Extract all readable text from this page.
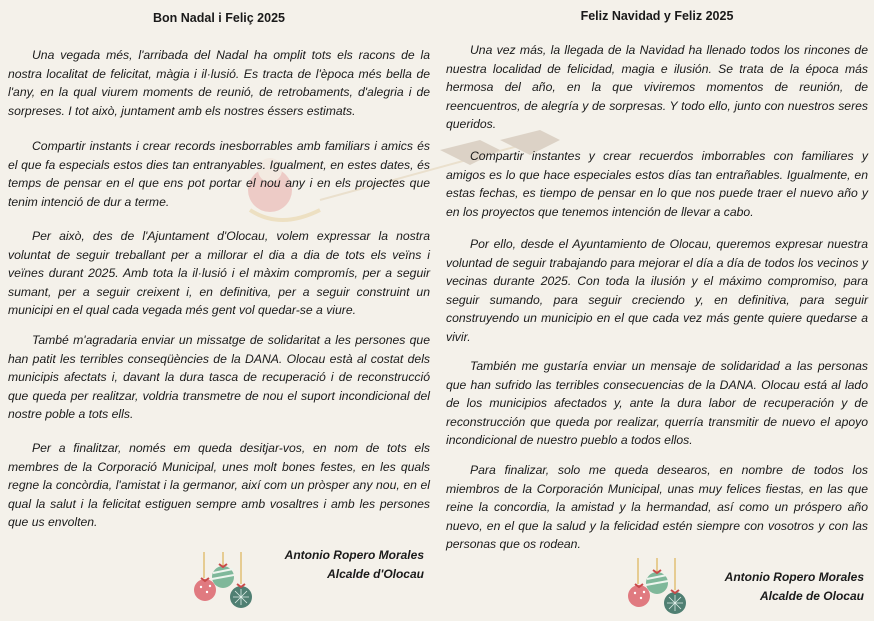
Bon Nadal i Feliç 2025

Una vegada més, l'arribada del Nadal ha omplit tots els racons de la nostra localitat de felicitat, màgia i il·lusió. Es tracta de l'època més bella de l'any, en la qual viurem moments de reunió, de retrobaments, d'alegria i de sorpreses. I tot això, juntament amb els nostres éssers estimats.

Compartir instants i crear records inesborrables amb familiars i amics és el que fa especials estos dies tan entranyables. Igualment, en estes dates, és temps de pensar en el que ens pot portar el nou any i en els projectes que tenim intenció de dur a terme.

Per això, des de l'Ajuntament d'Olocau, volem expressar la nostra voluntat de seguir treballant per a millorar el dia a dia de tots els veïns i veïnes durant 2025. Amb tota la il·lusió i el màxim compromís, per a seguir sumant, per a seguir creixent i, en definitiva, per a seguir construint un municipi en el qual cada vegada més gent vol quedar-se a viure.

També m'agradaria enviar un missatge de solidaritat a les persones que han patit les terribles conseqüències de la DANA. Olocau està al costat dels municipis afectats i, davant la dura tasca de recuperació i de reconstrucció que queda per realitzar, voldria transmetre de nou el suport incondicional del nostre poble a tots ells.

Per a finalitzar, només em queda desitjar-vos, en nom de tots els membres de la Corporació Municipal, unes molt bones festes, en les quals regne la concòrdia, l'amistat i la germanor, així com un pròsper any nou, en el qual la salut i la felicitat estiguen sempre amb vosaltres i amb les persones que us envolten.

Antonio Ropero Morales
Alcalde d'Olocau
Feliz Navidad y Feliz 2025

Una vez más, la llegada de la Navidad ha llenado todos los rincones de nuestra localidad de felicidad, magia e ilusión. Se trata de la época más hermosa del año, en la que viviremos momentos de reunión, de reencuentros, de alegría y de sorpresas. Y todo ello, junto con nuestros seres queridos.

Compartir instantes y crear recuerdos imborrables con familiares y amigos es lo que hace especiales estos días tan entrañables. Igualmente, en estas fechas, es tiempo de pensar en lo que nos puede traer el nuevo año y en los proyectos que tenemos intención de llevar a cabo.

Por ello, desde el Ayuntamiento de Olocau, queremos expresar nuestra voluntad de seguir trabajando para mejorar el día a día de todos los vecinos y vecinas durante 2025. Con toda la ilusión y el máximo compromiso, para seguir sumando, para seguir creciendo y, en definitiva, para seguir construyendo un municipio en el que cada vez más gente quiere quedarse a vivir.

También me gustaría enviar un mensaje de solidaridad a las personas que han sufrido las terribles consecuencias de la DANA. Olocau está al lado de los municipios afectados y, ante la dura labor de recuperación y de reconstrucción que queda por realizar, querría transmitir de nuevo el apoyo incondicional de nuestro pueblo a todos ellos.

Para finalizar, solo me queda desearos, en nombre de todos los miembros de la Corporación Municipal, unas muy felices fiestas, en las que reine la concordia, la amistad y la hermandad, así como un próspero año nuevo, en el que la salud y la felicidad estén siempre con vosotros y con las personas que os rodean.

Antonio Ropero Morales
Alcalde de Olocau
